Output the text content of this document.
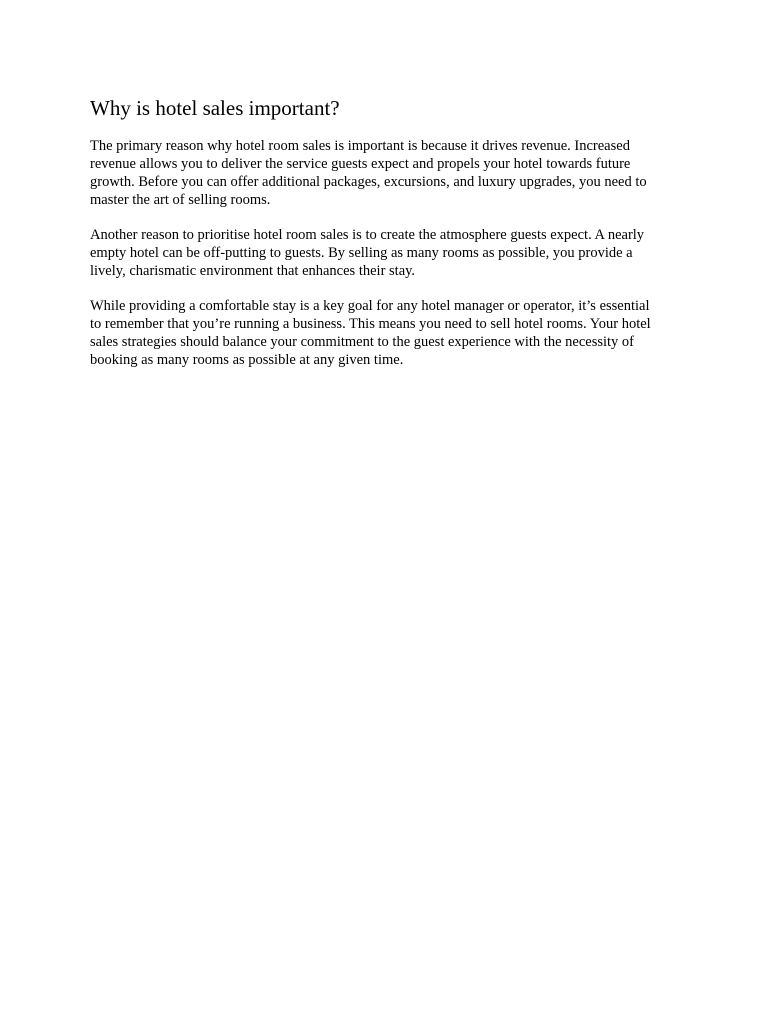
Why is hotel sales important?

The primary reason why hotel room sales is important is because it drives revenue. Increased
revenue allows you to deliver the service guests expect and propels your hotel towards future
growth. Before you can offer additional packages, excursions, and luxury upgrades, you need to
master the art of selling rooms.

Another reason to prioritise hotel room sales is to create the atmosphere guests expect. A nearly
empty hotel can be off-putting to guests. By selling as many rooms as possible, you provide a
lively, charismatic environment that enhances their stay.

While providing a comfortable stay is a key goal for any hotel manager or operator, it’s essential
to remember that you’re running a business. This means you need to sell hotel rooms. Your hotel
sales strategies should balance your commitment to the guest experience with the necessity of
booking as many rooms as possible at any given time.
